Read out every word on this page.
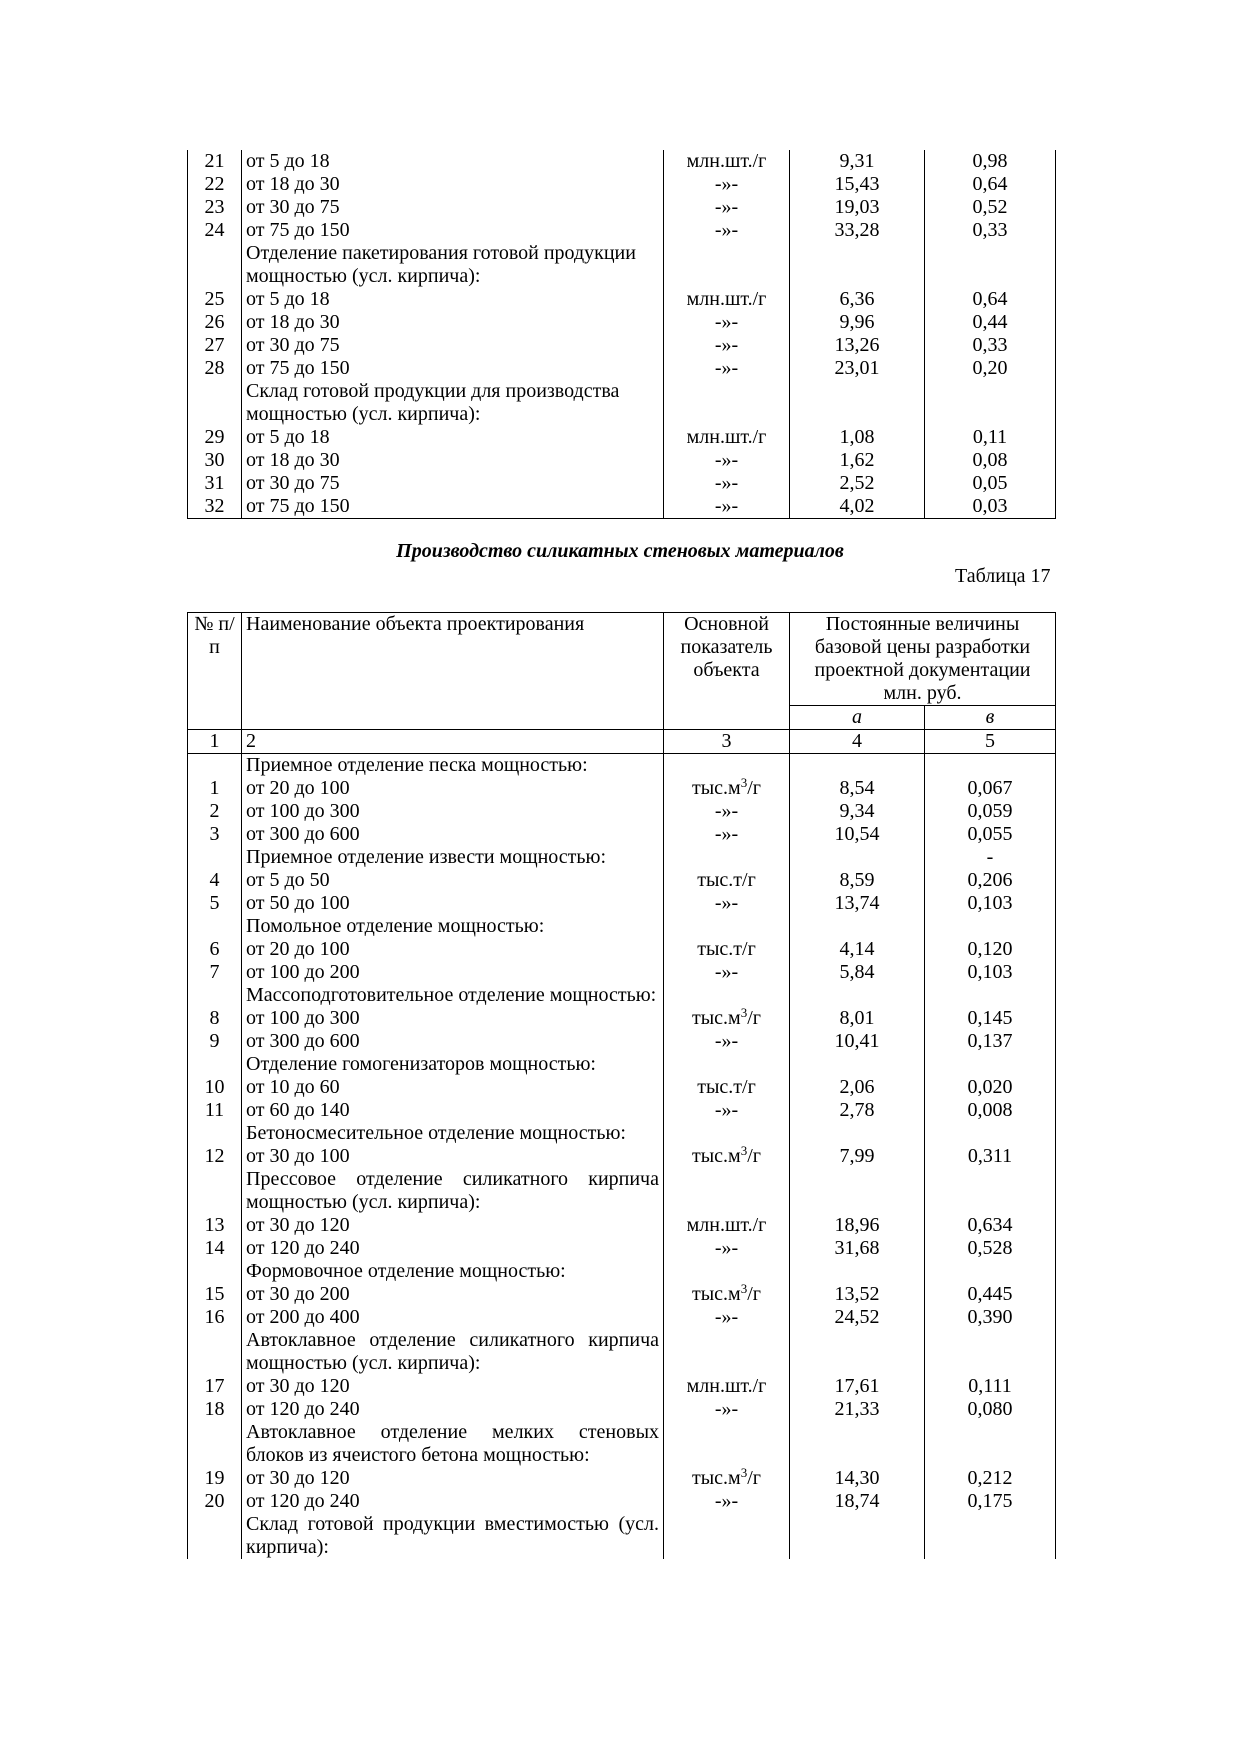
21	от 5 до 18	млн.шт./г	9,31	0,98
22	от 18 до 30	-»-	15,43	0,64
23	от 30 до 75	-»-	19,03	0,52
24	от 75 до 150	-»-	33,28	0,33
	Отделение пакетирования готовой продукции			
	мощностью (усл. кирпича):			
25	от 5 до 18	млн.шт./г	6,36	0,64
26	от 18 до 30	-»-	9,96	0,44
27	от 30 до 75	-»-	13,26	0,33
28	от 75 до 150	-»-	23,01	0,20
	Склад готовой продукции для производства			
	мощностью (усл. кирпича):			
29	от 5 до 18	млн.шт./г	1,08	0,11
30	от 18 до 30	-»-	1,62	0,08
31	от 30 до 75	-»-	2,52	0,05
32	от 75 до 150	-»-	4,02	0,03
Производство силикатных стеновых материалов
Таблица 17
№ п/п	Наименование объекта проектирования	Основной показатель объекта	Постоянные величины базовой цены разработки проектной документации млн. руб.	
			а	в
1	2	3	4	5
	Приемное отделение песка мощностью:			
1	от 20 до 100	$тыс.м^3/г$	8,54	0,067
2	от 100 до 300	-»-	9,34	0,059
3	от 300 до 600	-»-	10,54	0,055
	Приемное отделение извести мощностью:			-
4	от 5 до 50	тыс.т/г	8,59	0,206
5	от 50 до 100	-»-	13,74	0,103
	Помольное отделение мощностью:			
6	от 20 до 100	тыс.т/г	4,14	0,120
7	от 100 до 200	-»-	5,84	0,103
	Массоподготовительное отделение мощностью:			
8	от 100 до 300	$тыс.м^3/г$	8,01	0,145
9	от 300 до 600	-»-	10,41	0,137
	Отделение гомогенизаторов мощностью:			
10	от 10 до 60	тыс.т/г	2,06	0,020
11	от 60 до 140	-»-	2,78	0,008
	Бетоносмесительное отделение мощностью:			
12	от 30 до 100	$тыс.м^3/г$	7,99	0,311
	Прессовое отделение силикатного кирпича мощностью (усл. кирпича):			
13	от 30 до 120	млн.шт./г	18,96	0,634
14	от 120 до 240	-»-	31,68	0,528
	Формовочное отделение мощностью:			
15	от 30 до 200	$тыс.м^3/г$	13,52	0,445
16	от 200 до 400	-»-	24,52	0,390
	Автоклавное отделение силикатного кирпича мощностью (усл. кирпича):			
17	от 30 до 120	млн.шт./г	17,61	0,111
18	от 120 до 240	-»-	21,33	0,080
	Автоклавное отделение мелких стеновых блоков из ячеистого бетона мощностью:			
19	от 30 до 120	$тыс.м^3/г$	14,30	0,212
20	от 120 до 240	-»-	18,74	0,175
	Склад готовой продукции вместимостью (усл. кирпича):			
